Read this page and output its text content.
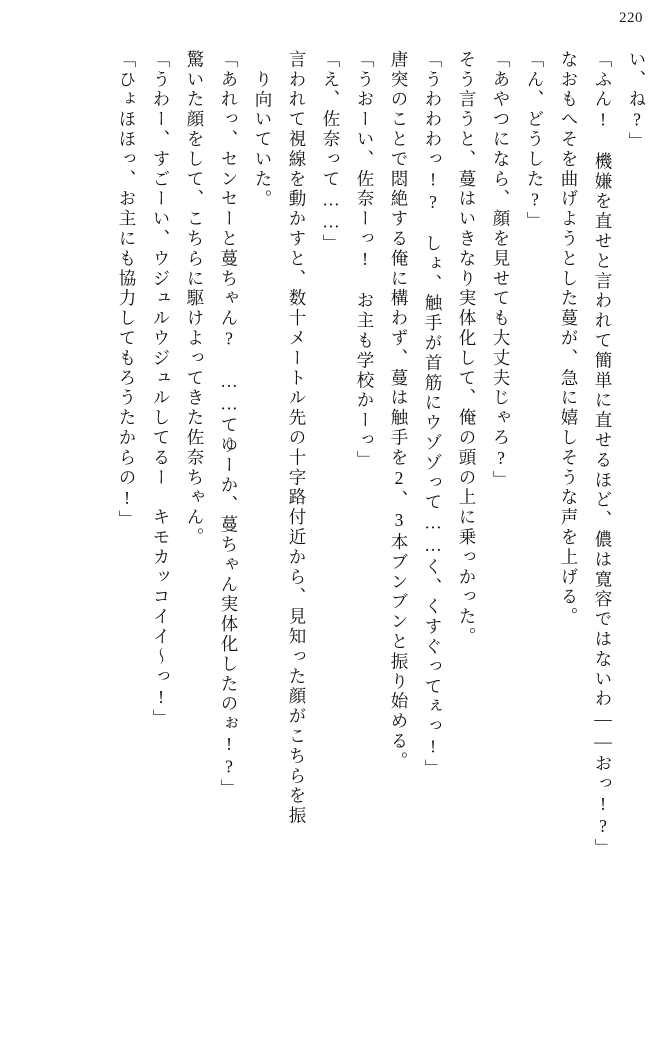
220
い、ね?」
「ふん!　機嫌を直せと言われて簡単に直せるほど、儂は寛容ではないわ――おっ!?」
なおもへそを曲げようとした蔓が、急に嬉しそうな声を上げる。
「ん、どうした?」
「あやつになら、顔を見せても大丈夫じゃろ?」
そう言うと、蔓はいきなり実体化して、俺の頭の上に乗っかった。
「うわわわっ!?　しょ、触手が首筋にウゾゾって……く、くすぐってぇっ!」
唐突のことで悶絶する俺に構わず、蔓は触手を2、3本ブンブンと振り始める。
「うおーい、佐奈ーっ!　お主も学校かーっ」
「え、佐奈って……」
言われて視線を動かすと、数十メートル先の十字路付近から、見知った顔がこちらを振
り向いていた。
「あれっ、センセーと蔓ちゃん?　……てゆーか、蔓ちゃん実体化したのぉ!?」
驚いた顔をして、こちらに駆けよってきた佐奈ちゃん。
「うわー、すごーい、ウジュルウジュルしてるー　キモカッコイイ～っ!」
「ひょほほっ、お主にも協力してもろうたからの!」
